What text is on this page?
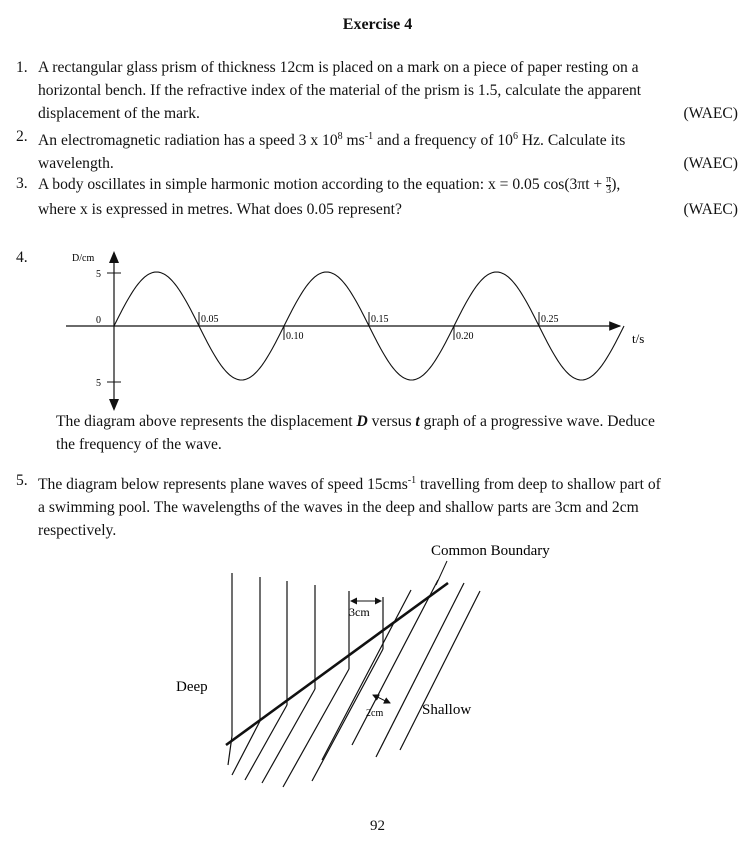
Exercise 4
1. A rectangular glass prism of thickness 12cm is placed on a mark on a piece of paper resting on a
horizontal bench. If the refractive index of the material of the prism is 1.5, calculate the apparent
(WAEC)
displacement of the mark.
2. An electromagnetic radiation has a speed 3 x $10^8$ $ms^{-1}$ and a frequency of $10^6$ Hz. Calculate its
(WAEC)
wavelength.
3. A body oscillates in simple harmonic motion according to the equation: x = 0.05 $\cos(3\pi t + \frac{\pi}{3}$ ),
(WAEC)
where x is expressed in metres. What does 0.05 represent?
4.	D/cm
t/s
5
0
5
0.05
0.10
0.15
0.20
0.25
The diagram above represents the displacement D versus t graph of a progressive wave. Deduce
the frequency of the wave.
5. The diagram below represents plane waves of speed 15cms$^{-1}$ travelling from deep to shallow part of
a swimming pool. The wavelengths of the waves in the deep and shallow parts are 3cm and 2cm
respectively.
Common Boundary
Deep
Shallow
3cm
2cm
92
